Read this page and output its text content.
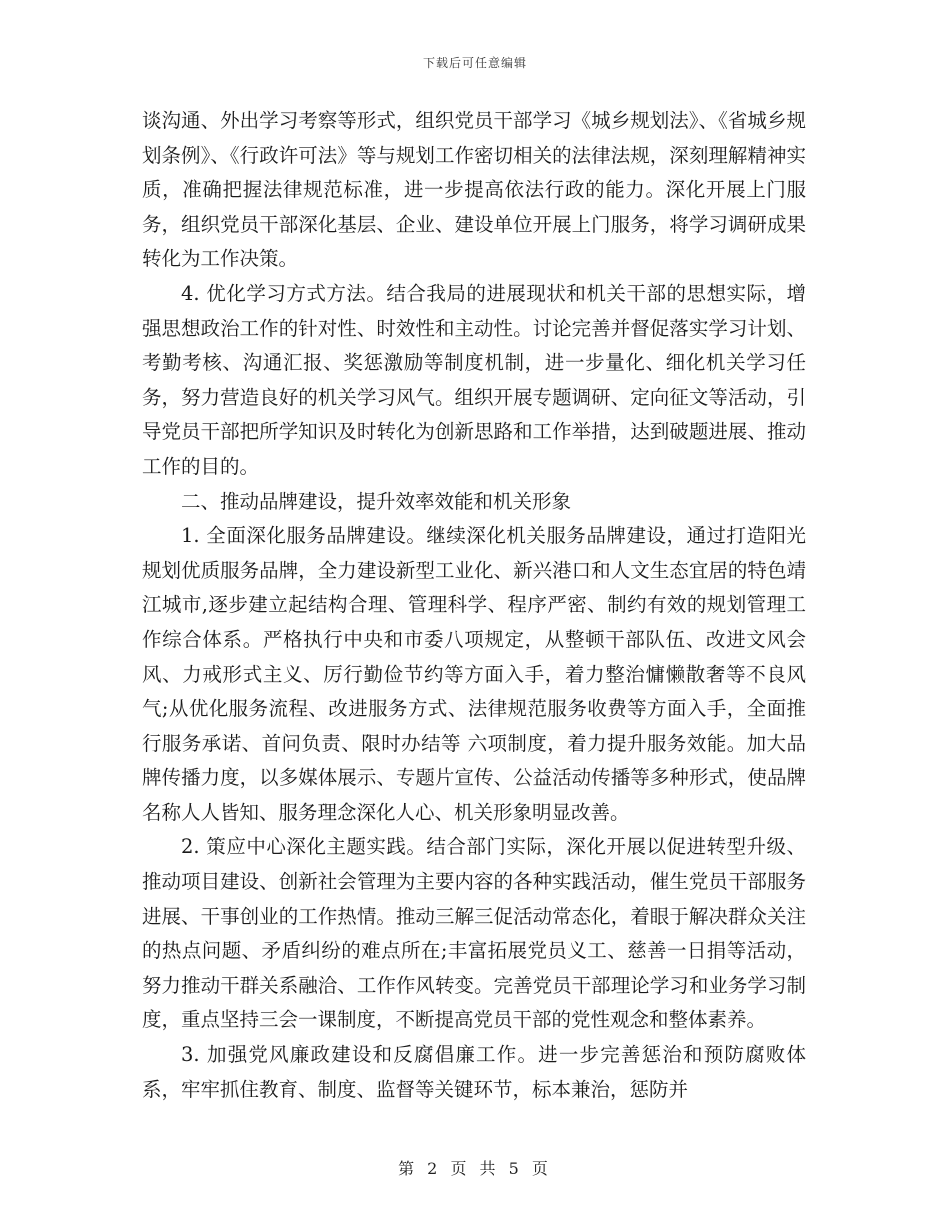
下载后可任意编辑

谈沟通、外出学习考察等形式，组织党员干部学习《城乡规划法》、《省城乡规划条例》、《行政许可法》等与规划工作密切相关的法律法规，深刻理解精神实质，准确把握法律规范标准，进一步提高依法行政的能力。深化开展上门服务，组织党员干部深化基层、企业、建设单位开展上门服务，将学习调研成果转化为工作决策。

4. 优化学习方式方法。结合我局的进展现状和机关干部的思想实际，增强思想政治工作的针对性、时效性和主动性。讨论完善并督促落实学习计划、考勤考核、沟通汇报、奖惩激励等制度机制，进一步量化、细化机关学习任务，努力营造良好的机关学习风气。组织开展专题调研、定向征文等活动，引导党员干部把所学知识及时转化为创新思路和工作举措，达到破题进展、推动工作的目的。

二、推动品牌建设，提升效率效能和机关形象

1. 全面深化服务品牌建设。继续深化机关服务品牌建设，通过打造阳光规划优质服务品牌，全力建设新型工业化、新兴港口和人文生态宜居的特色靖江城市,逐步建立起结构合理、管理科学、程序严密、制约有效的规划管理工作综合体系。严格执行中央和市委八项规定，从整顿干部队伍、改进文风会风、力戒形式主义、厉行勤俭节约等方面入手，着力整治慵懒散奢等不良风气;从优化服务流程、改进服务方式、法律规范服务收费等方面入手，全面推行服务承诺、首问负责、限时办结等 六项制度，着力提升服务效能。加大品牌传播力度，以多媒体展示、专题片宣传、公益活动传播等多种形式，使品牌名称人人皆知、服务理念深化人心、机关形象明显改善。

2. 策应中心深化主题实践。结合部门实际，深化开展以促进转型升级、推动项目建设、创新社会管理为主要内容的各种实践活动，催生党员干部服务进展、干事创业的工作热情。推动三解三促活动常态化，着眼于解决群众关注的热点问题、矛盾纠纷的难点所在;丰富拓展党员义工、慈善一日捐等活动，努力推动干群关系融洽、工作作风转变。完善党员干部理论学习和业务学习制度，重点坚持三会一课制度，不断提高党员干部的党性观念和整体素养。

3. 加强党风廉政建设和反腐倡廉工作。进一步完善惩治和预防腐败体系，牢牢抓住教育、制度、监督等关键环节，标本兼治，惩防并

第 2 页 共 5 页
